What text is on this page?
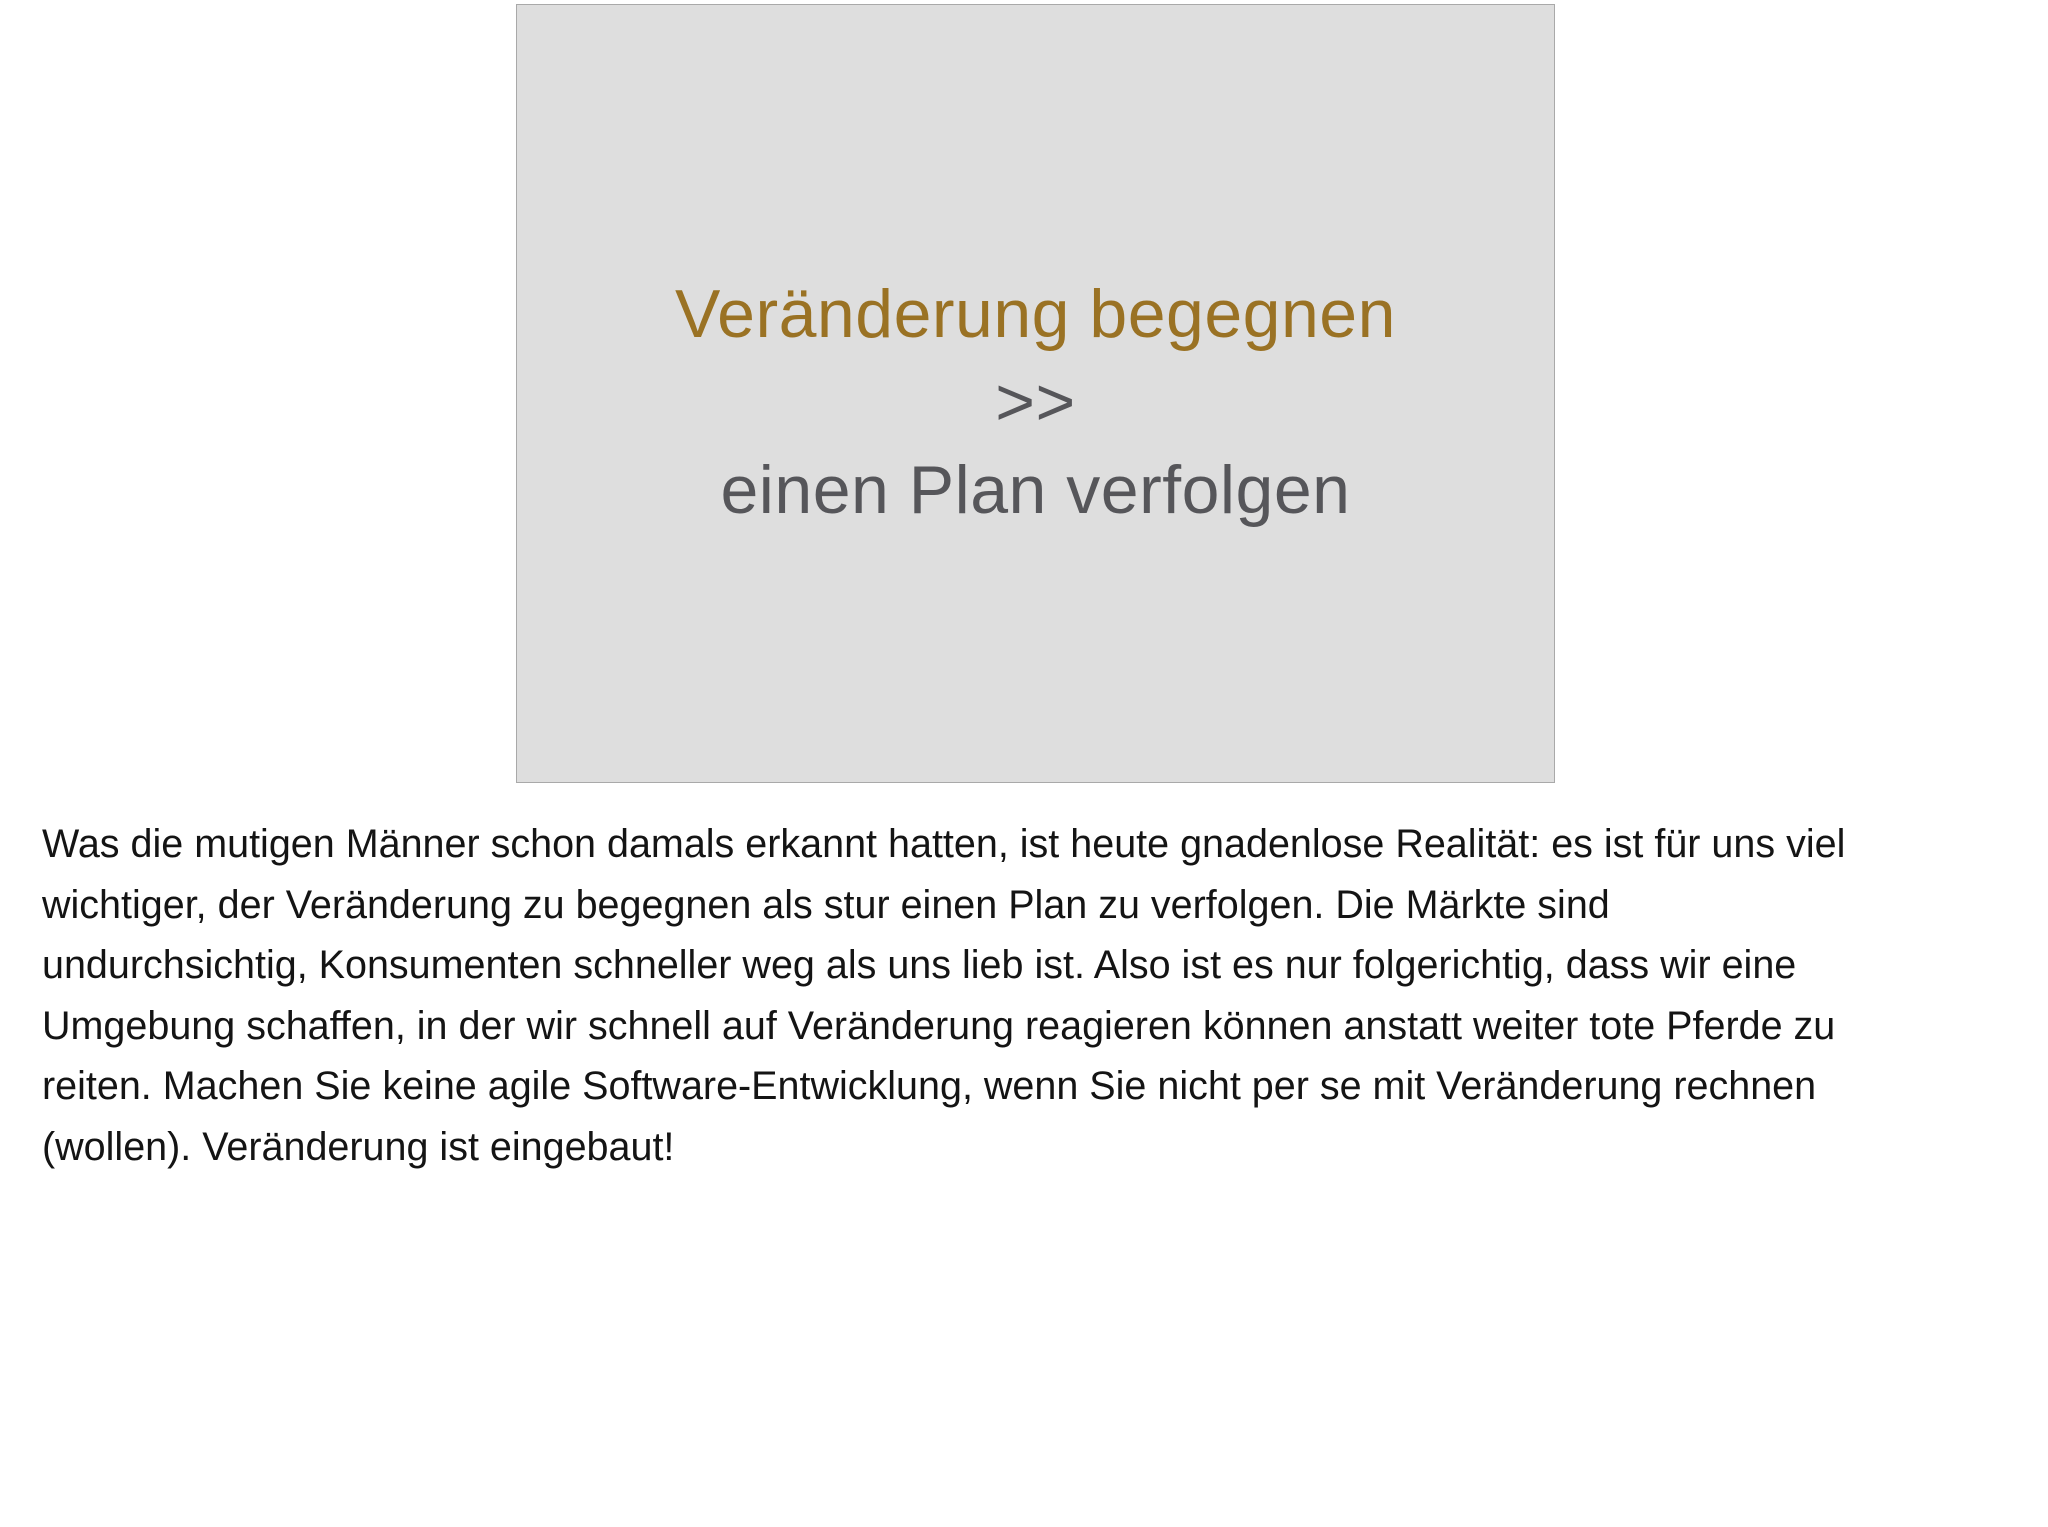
Veränderung begegnen
>>
einen Plan verfolgen

Was die mutigen Männer schon damals erkannt hatten, ist heute gnadenlose Realität: es ist für uns viel
wichtiger, der Veränderung zu begegnen als stur einen Plan zu verfolgen. Die Märkte sind
undurchsichtig, Konsumenten schneller weg als uns lieb ist. Also ist es nur folgerichtig, dass wir eine
Umgebung schaffen, in der wir schnell auf Veränderung reagieren können anstatt weiter tote Pferde zu
reiten. Machen Sie keine agile Software-Entwicklung, wenn Sie nicht per se mit Veränderung rechnen
(wollen). Veränderung ist eingebaut!
